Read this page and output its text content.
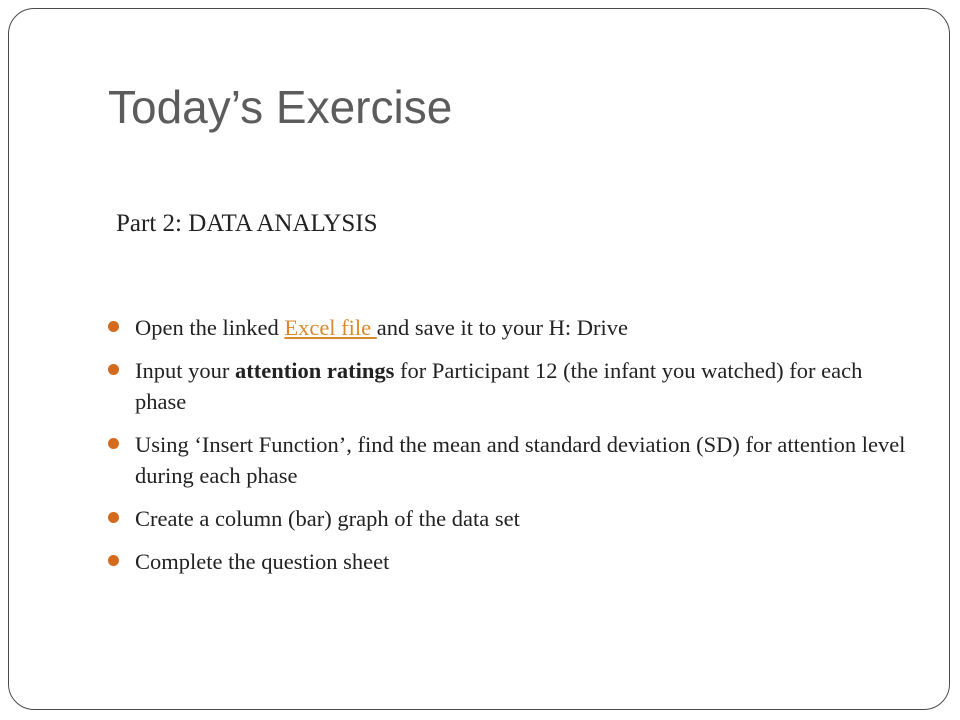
Today’s Exercise
Part 2: DATA ANALYSIS
Open the linked Excel file and save it to your H: Drive
Input your attention ratings for Participant 12 (the infant you watched) for each phase
Using ‘Insert Function’, find the mean and standard deviation (SD) for attention level during each phase
Create a column (bar) graph of the data set
Complete the question sheet
